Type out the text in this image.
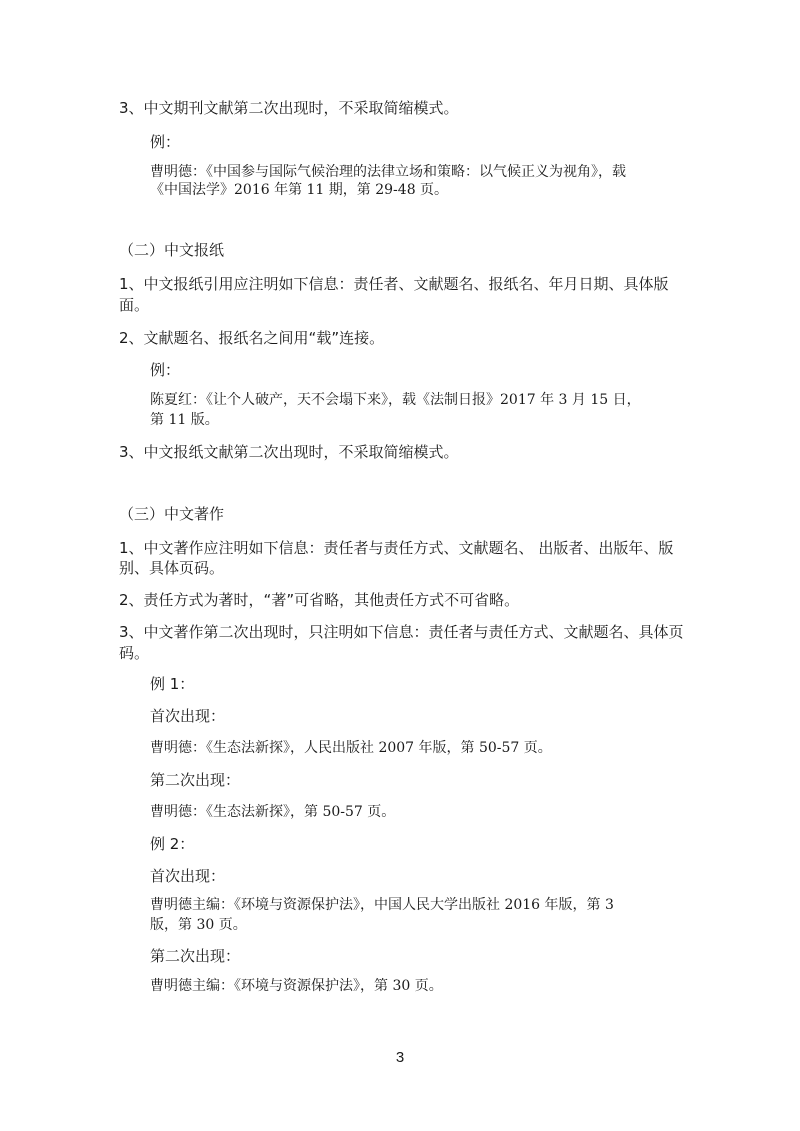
3、中文期刊文献第二次出现时，不采取简缩模式。
例：
曹明德：《中国参与国际气候治理的法律立场和策略：以气候正义为视角》，载
《中国法学》2016 年第 11 期，第 29-48 页。
（二）中文报纸
1、中文报纸引用应注明如下信息：责任者、文献题名、报纸名、年月日期、具体版
面。
2、文献题名、报纸名之间用“载”连接。
例：
陈夏红：《让个人破产，天不会塌下来》，载《法制日报》2017 年 3 月 15 日，
第 11 版。
3、中文报纸文献第二次出现时，不采取简缩模式。
（三）中文著作
1、中文著作应注明如下信息：责任者与责任方式、文献题名、 出版者、出版年、版
别、具体页码。
2、责任方式为著时，“著”可省略，其他责任方式不可省略。
3、中文著作第二次出现时，只注明如下信息：责任者与责任方式、文献题名、具体页
码。
例 1：
首次出现：
曹明德：《生态法新探》，人民出版社 2007 年版，第 50-57 页。
第二次出现：
曹明德：《生态法新探》，第 50-57 页。
例 2：
首次出现：
曹明德主编：《环境与资源保护法》，中国人民大学出版社 2016 年版，第 3
版，第 30 页。
第二次出现：
曹明德主编：《环境与资源保护法》，第 30 页。
3
